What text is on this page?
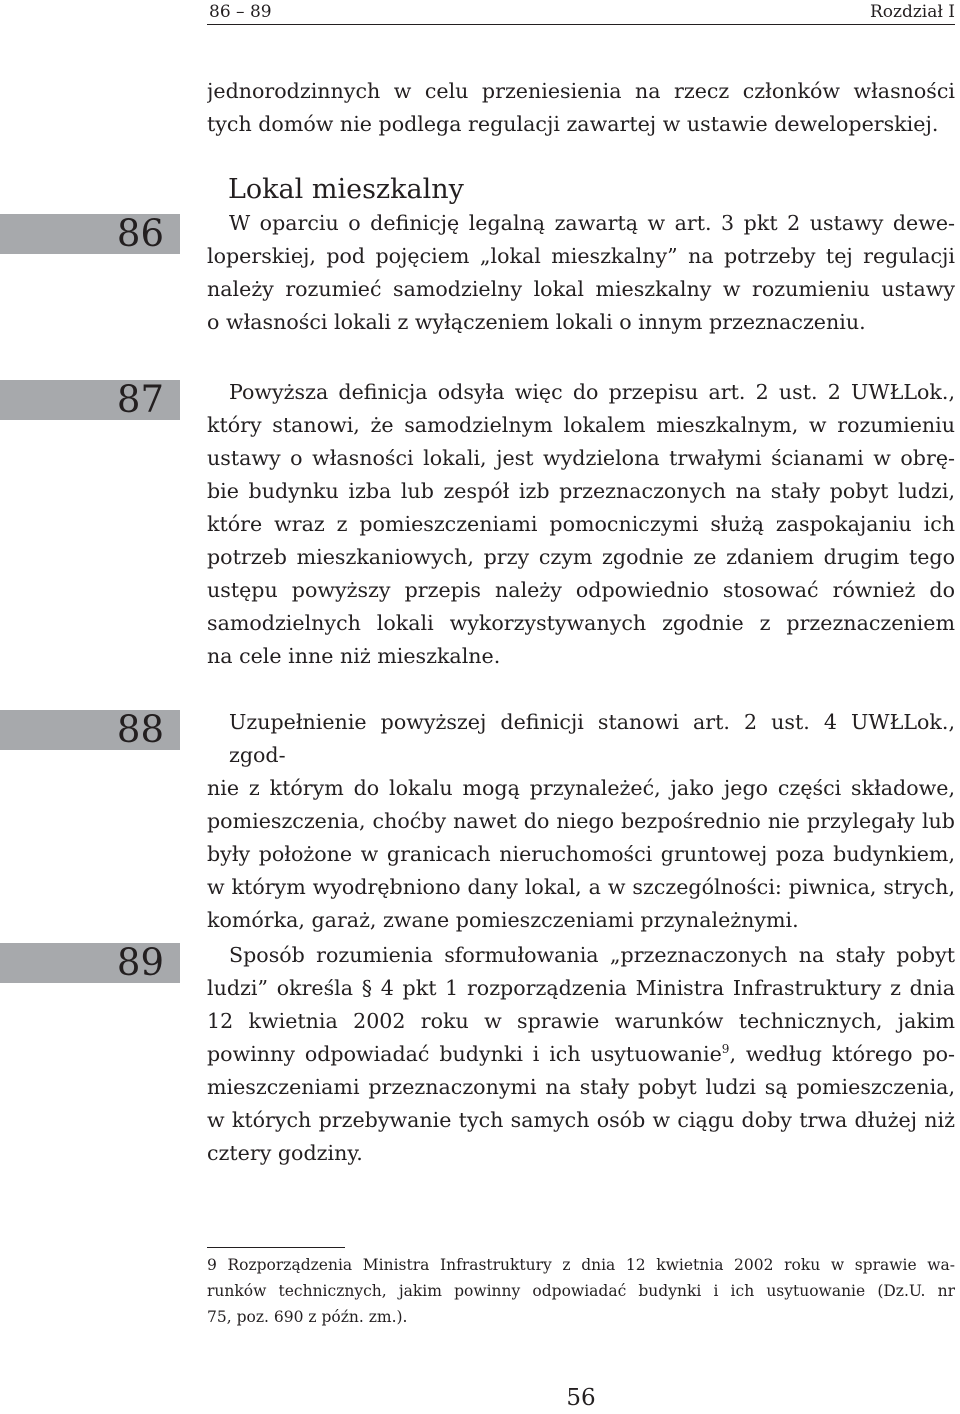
86 – 89	Rozdział I
jednorodzinnych w celu przeniesienia na rzecz członków własności
tych domów nie podlega regulacji zawartej w ustawie deweloperskiej.
Lokal mieszkalny
86	W oparciu o definicję legalną zawartą w art. 3 pkt 2 ustawy dewe-
loperskiej, pod pojęciem „lokal mieszkalny” na potrzeby tej regulacji
należy rozumieć samodzielny lokal mieszkalny w rozumieniu ustawy
o własności lokali z wyłączeniem lokali o innym przeznaczeniu.
87	Powyższa definicja odsyła więc do przepisu art. 2 ust. 2 UWŁLok.,
który stanowi, że samodzielnym lokalem mieszkalnym, w rozumieniu
ustawy o własności lokali, jest wydzielona trwałymi ścianami w obrę-
bie budynku izba lub zespół izb przeznaczonych na stały pobyt ludzi,
które wraz z pomieszczeniami pomocniczymi służą zaspokajaniu ich
potrzeb mieszkaniowych, przy czym zgodnie ze zdaniem drugim tego
ustępu powyższy przepis należy odpowiednio stosować również do
samodzielnych lokali wykorzystywanych zgodnie z przeznaczeniem
na cele inne niż mieszkalne.
88	Uzupełnienie powyższej definicji stanowi art. 2 ust. 4 UWŁLok., zgod-
nie z którym do lokalu mogą przynależeć, jako jego części składowe,
pomieszczenia, choćby nawet do niego bezpośrednio nie przylegały lub
były położone w granicach nieruchomości gruntowej poza budynkiem,
w którym wyodrębniono dany lokal, a w szczególności: piwnica, strych,
komórka, garaż, zwane pomieszczeniami przynależnymi.
89	Sposób rozumienia sformułowania „przeznaczonych na stały pobyt
ludzi” określa § 4 pkt 1 rozporządzenia Ministra Infrastruktury z dnia
12 kwietnia 2002 roku w sprawie warunków technicznych, jakim
powinny odpowiadać budynki i ich usytuowanie$^9$, według którego po-
mieszczeniami przeznaczonymi na stały pobyt ludzi są pomieszczenia,
w których przebywanie tych samych osób w ciągu doby trwa dłużej niż
cztery godziny.
9 Rozporządzenia Ministra Infrastruktury z dnia 12 kwietnia 2002 roku w sprawie wa-
runków technicznych, jakim powinny odpowiadać budynki i ich usytuowanie (Dz.U. nr
75, poz. 690 z późn. zm.).
56
